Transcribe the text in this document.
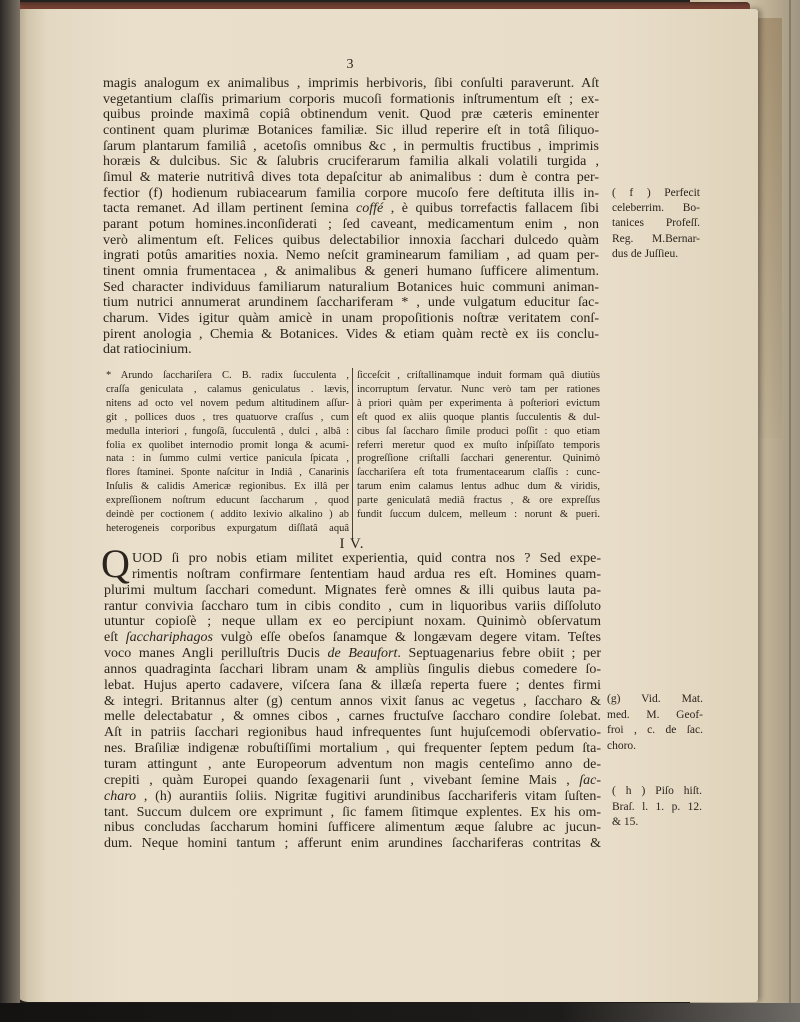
3
magis analogum ex animalibus , imprimis herbivoris, ſibi conſulti paraverunt. Aſt
vegetantium claſſis primarium corporis mucoſi formationis inſtrumentum eſt ; ex-
quibus proinde maximâ copiâ obtinendum venit. Quod præ cæteris eminenter
continent quam plurimæ Botanices familiæ. Sic illud reperire eſt in totâ ſiliquo-
ſarum plantarum familiâ , acetoſis omnibus &c , in permultis fructibus , imprimis
horæis & dulcibus. Sic & ſalubris cruciferarum familia alkali volatili turgida ,
ſimul & materie nutritivâ dives tota depaſcitur ab animalibus : dum è contra per-
fectior (f) hodienum rubiacearum familia corpore mucoſo fere deſtituta illis in-
tacta remanet. Ad illam pertinent ſemina coffé , è quibus torrefactis fallacem ſibi
parant potum homines.inconſiderati ; ſed caveant, medicamentum enim , non
verò alimentum eſt. Felices quibus delectabilior innoxia ſacchari dulcedo quàm
ingrati potûs amarities noxia. Nemo neſcit graminearum familiam , ad quam per-
tinent omnia frumentacea , & animalibus & generi humano ſufficere alimentum.
Sed character individuus familiarum naturalium Botanices huic communi animan-
tium nutrici annumerat arundinem ſacchariferam * , unde vulgatum educitur ſac-
charum. Vides igitur quàm amicè in unam propoſitionis noſtræ veritatem conſ-
pirent anologia , Chemia & Botanices. Vides & etiam quàm rectè ex iis conclu-
dat ratiocinium.
( f ) Perfecit
celeberrim. Bo-
tanices Profeſſ.
Reg. M.Bernar-
dus de Juſſieu.
* Arundo ſacchariſera C. B. radix ſucculenta ,
craſſa geniculata , calamus geniculatus . lævis,
nitens ad octo vel novem pedum altitudinem aſſur-
git , pollices duos , tres quatuorve craſſus , cum
medulla interiori , fungoſâ, ſucculentâ , dulci , albâ :
folia ex quolibet internodio promit longa & acumi-
nata : in ſummo culmi vertice panicula ſpicata ,
flores ſtaminei. Sponte naſcitur in Indiâ , Canarinis
Inſulis & calidis Americæ regionibus. Ex illâ per
expreſſionem noſtrum educunt ſaccharum , quod
deindè per coctionem ( addito lexivio alkalino ) ab
heterogeneis corporibus expurgatum diſſlatâ aquâ
ſicceſcit , criſtallinamque induit formam quâ diutiùs
incorruptum ſervatur. Nunc verò tam per rationes
à priori quàm per experimenta à poſteriori evictum
eſt quod ex aliis quoque plantis ſucculentis & dul-
cibus ſal ſaccharo ſimile produci poſſit : quo etiam
referri meretur quod ex muſto inſpiſſato temporis
progreſſione criſtalli ſacchari generentur. Quinimò
ſacchariſera eſt tota frumentacearum claſſis : cunc-
tarum enim calamus lentus adhuc dum & viridis,
parte geniculatâ mediâ fractus , & ore expreſſus
fundit ſuccum dulcem, melleum : norunt & pueri.
I V.
Q UOD ſi pro nobis etiam militet experientia, quid contra nos ? Sed expe-
rimentis noſtram confirmare ſententiam haud ardua res eſt. Homines quam-
plurimi multum ſacchari comedunt. Mignates ferè omnes & illi quibus lauta pa-
rantur convivia ſaccharo tum in cibis condito , cum in liquoribus variis diſſoluto
utuntur copioſè ; neque ullam ex eo percipiunt noxam. Quinimò obſervatum
eſt ſacchariphagos vulgò eſſe obeſos ſanamque & longævam degere vitam. Teſtes
voco manes Angli perilluſtris Ducis de Beaufort. Septuagenarius febre obiit ; per
annos quadraginta ſacchari libram unam & ampliùs ſingulis diebus comedere ſo-
lebat. Hujus aperto cadavere, viſcera ſana & illæſa reperta fuere ; dentes firmi
& integri. Britannus alter (g) centum annos vixit ſanus ac vegetus , ſaccharo &
melle delectabatur , & omnes cibos , carnes fructuſve ſaccharo condire ſolebat.
Aſt in patriis ſacchari regionibus haud infrequentes ſunt hujuſcemodi obſervatio-
nes. Braſiliæ indigenæ robuſtiſſimi mortalium , qui frequenter ſeptem pedum ſta-
turam attingunt , ante Europeorum adventum non magis centeſimo anno de-
crepiti , quàm Europei quando ſexagenarii ſunt , vivebant ſemine Mais , ſac-
charo , (h) aurantiis ſoliis. Nigritæ fugitivi arundinibus ſacchariferis vitam ſuſten-
tant. Succum dulcem ore exprimunt , ſic famem ſitimque explentes. Ex his om-
nibus concludas ſaccharum homini ſufficere alimentum æque ſalubre ac jucun-
dum. Neque homini tantum ; afferunt enim arundines ſacchariferas contritas &
(g) Vid. Mat.
med. M. Geof-
froi , c. de ſac.
choro.
( h ) Piſo hiſt.
Braſ. l. 1. p. 12.
& 15.
